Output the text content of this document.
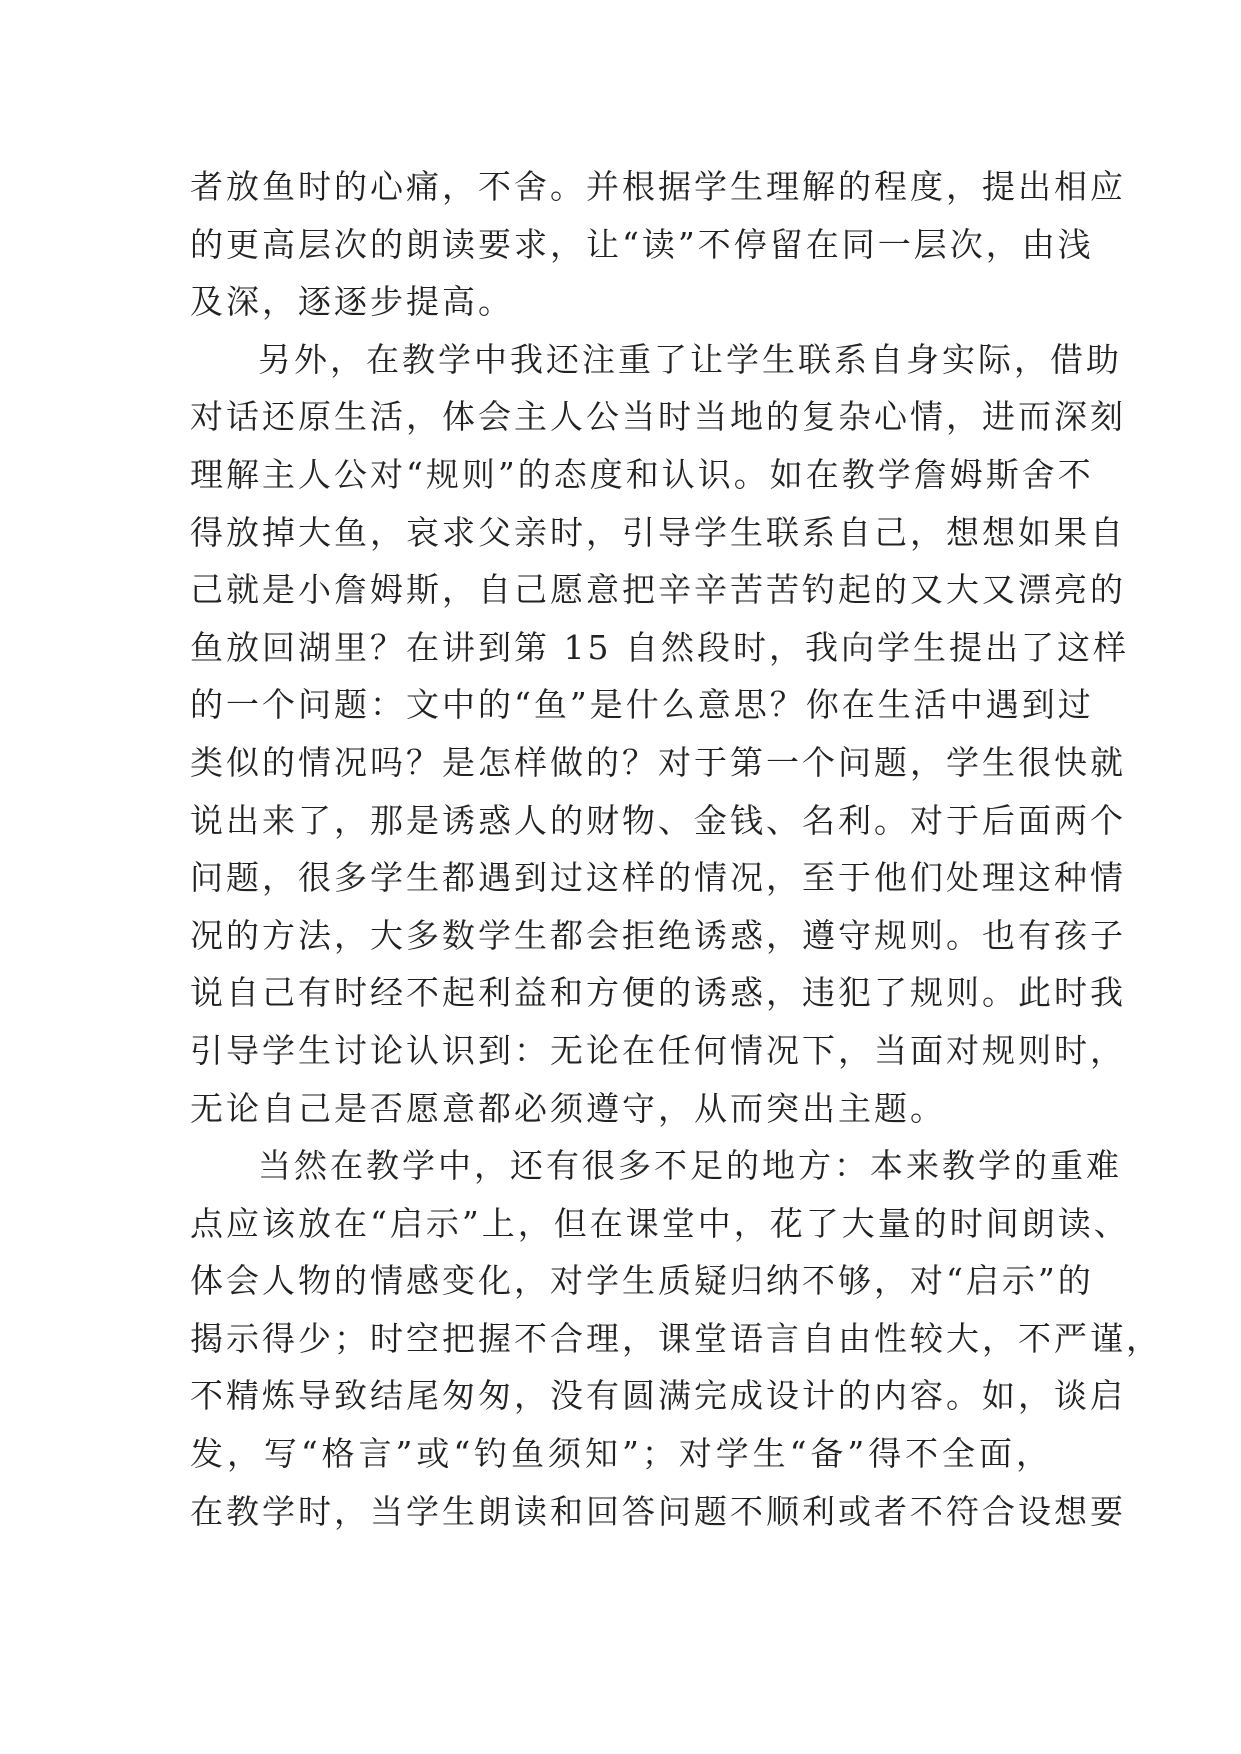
者放鱼时的心痛，不舍。并根据学生理解的程度，提出相应
的更高层次的朗读要求，让“读”不停留在同一层次，由浅
及深，逐逐步提高。
另外，在教学中我还注重了让学生联系自身实际，借助
对话还原生活，体会主人公当时当地的复杂心情，进而深刻
理解主人公对“规则”的态度和认识。如在教学詹姆斯舍不
得放掉大鱼，哀求父亲时，引导学生联系自己，想想如果自
己就是小詹姆斯，自己愿意把辛辛苦苦钓起的又大又漂亮的
鱼放回湖里？在讲到第 15 自然段时，我向学生提出了这样
的一个问题：文中的“鱼”是什么意思？你在生活中遇到过
类似的情况吗？是怎样做的？对于第一个问题，学生很快就
说出来了，那是诱惑人的财物、金钱、名利。对于后面两个
问题，很多学生都遇到过这样的情况，至于他们处理这种情
况的方法，大多数学生都会拒绝诱惑，遵守规则。也有孩子
说自己有时经不起利益和方便的诱惑，违犯了规则。此时我
引导学生讨论认识到：无论在任何情况下，当面对规则时，
无论自己是否愿意都必须遵守，从而突出主题。
当然在教学中，还有很多不足的地方：本来教学的重难
点应该放在“启示”上，但在课堂中，花了大量的时间朗读、
体会人物的情感变化，对学生质疑归纳不够，对“启示”的
揭示得少；时空把握不合理，课堂语言自由性较大，不严谨，
不精炼导致结尾匆匆，没有圆满完成设计的内容。如，谈启
发，写“格言”或“钓鱼须知”；对学生“备”得不全面，
在教学时，当学生朗读和回答问题不顺利或者不符合设想要
